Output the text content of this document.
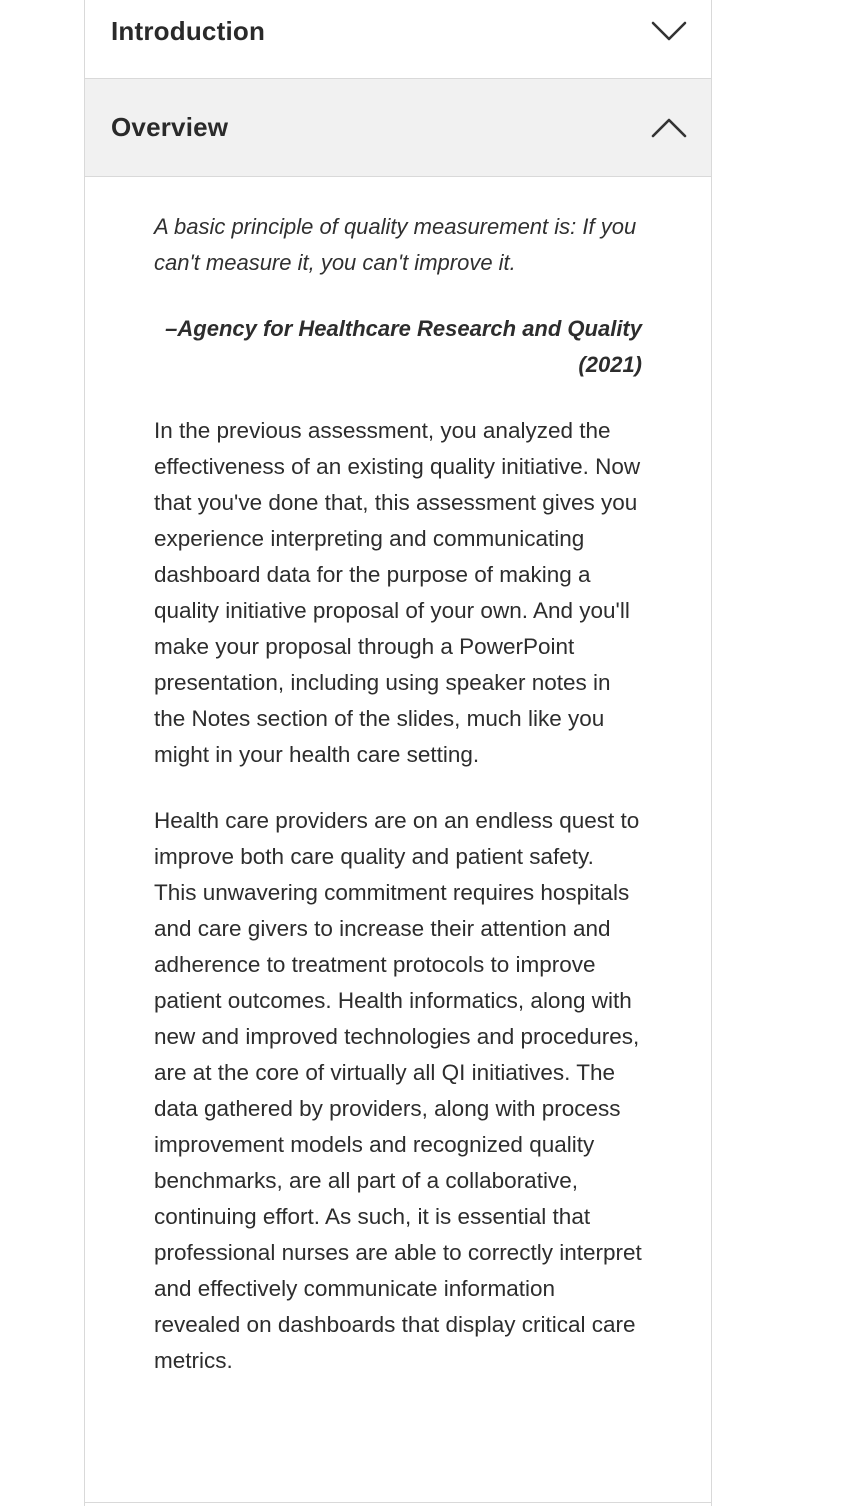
Introduction
Overview

A basic principle of quality measurement is: If you can't measure it, you can't improve it.

–Agency for Healthcare Research and Quality
(2021)

In the previous assessment, you analyzed the effectiveness of an existing quality initiative. Now that you've done that, this assessment gives you experience interpreting and communicating dashboard data for the purpose of making a quality initiative proposal of your own. And you'll make your proposal through a PowerPoint presentation, including using speaker notes in the Notes section of the slides, much like you might in your health care setting.

Health care providers are on an endless quest to improve both care quality and patient safety. This unwavering commitment requires hospitals and care givers to increase their attention and adherence to treatment protocols to improve patient outcomes. Health informatics, along with new and improved technologies and procedures, are at the core of virtually all QI initiatives. The data gathered by providers, along with process improvement models and recognized quality benchmarks, are all part of a collaborative, continuing effort. As such, it is essential that professional nurses are able to correctly interpret and effectively communicate information revealed on dashboards that display critical care metrics.
